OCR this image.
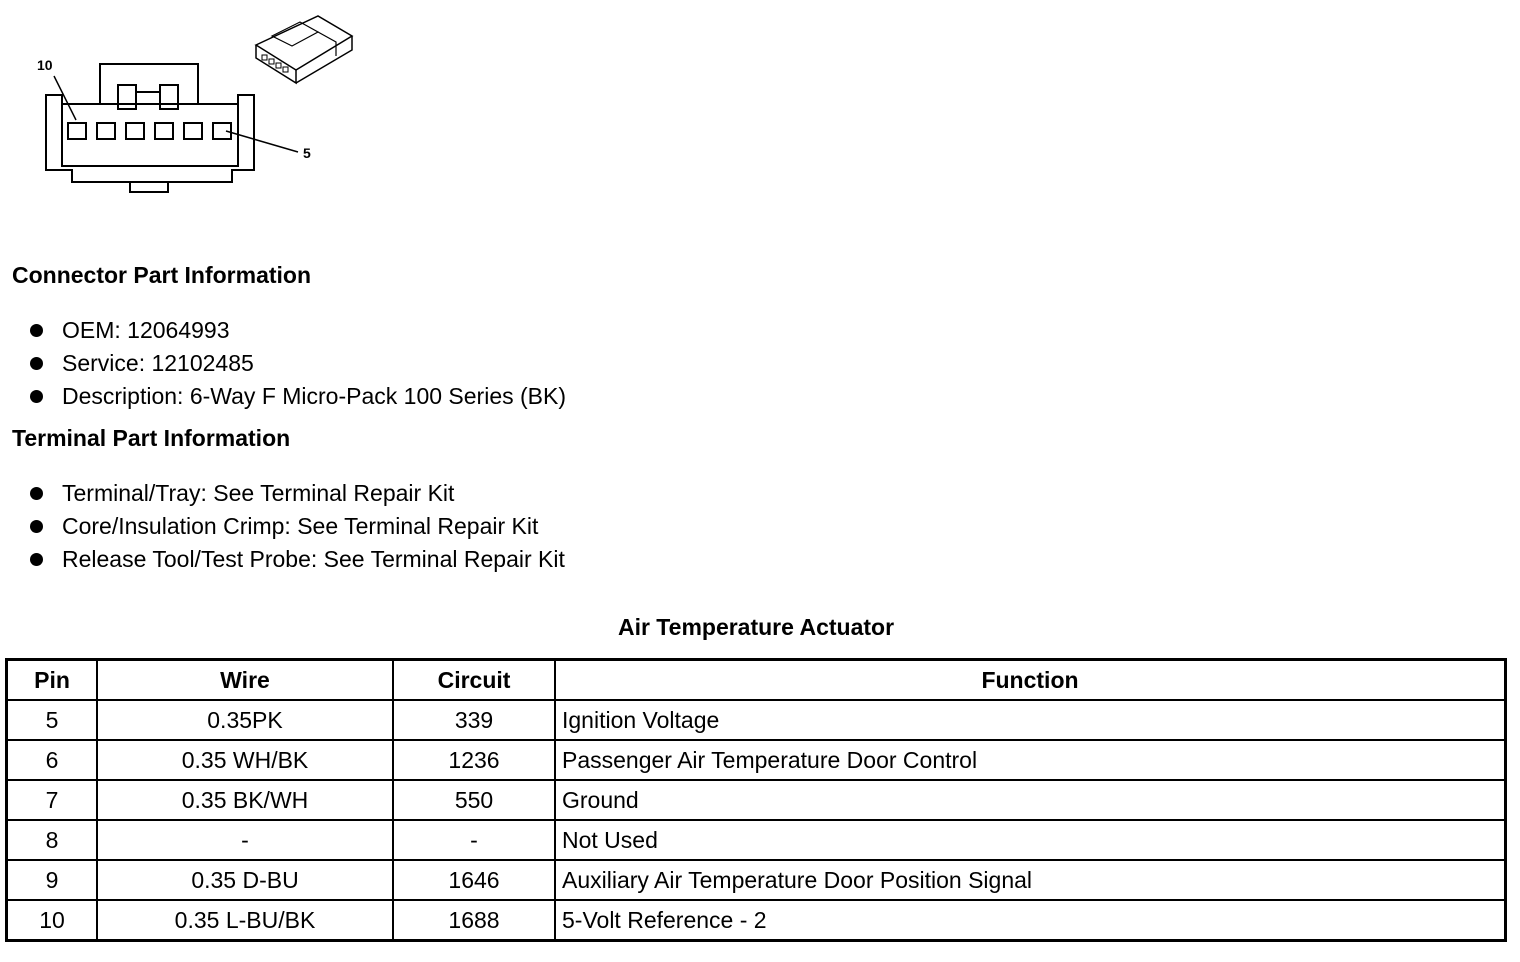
10
5
Connector Part Information
OEM: 12064993
Service: 12102485
Description: 6-Way F Micro-Pack 100 Series (BK)
Terminal Part Information
Terminal/Tray: See Terminal Repair Kit
Core/Insulation Crimp: See Terminal Repair Kit
Release Tool/Test Probe: See Terminal Repair Kit
Air Temperature Actuator
Pin	Wire	Circuit	Function
5	0.35PK	339	Ignition Voltage
6	0.35 WH/BK	1236	Passenger Air Temperature Door Control
7	0.35 BK/WH	550	Ground
8	-	-	Not Used
9	0.35 D-BU	1646	Auxiliary Air Temperature Door Position Signal
10	0.35 L-BU/BK	1688	5-Volt Reference - 2
